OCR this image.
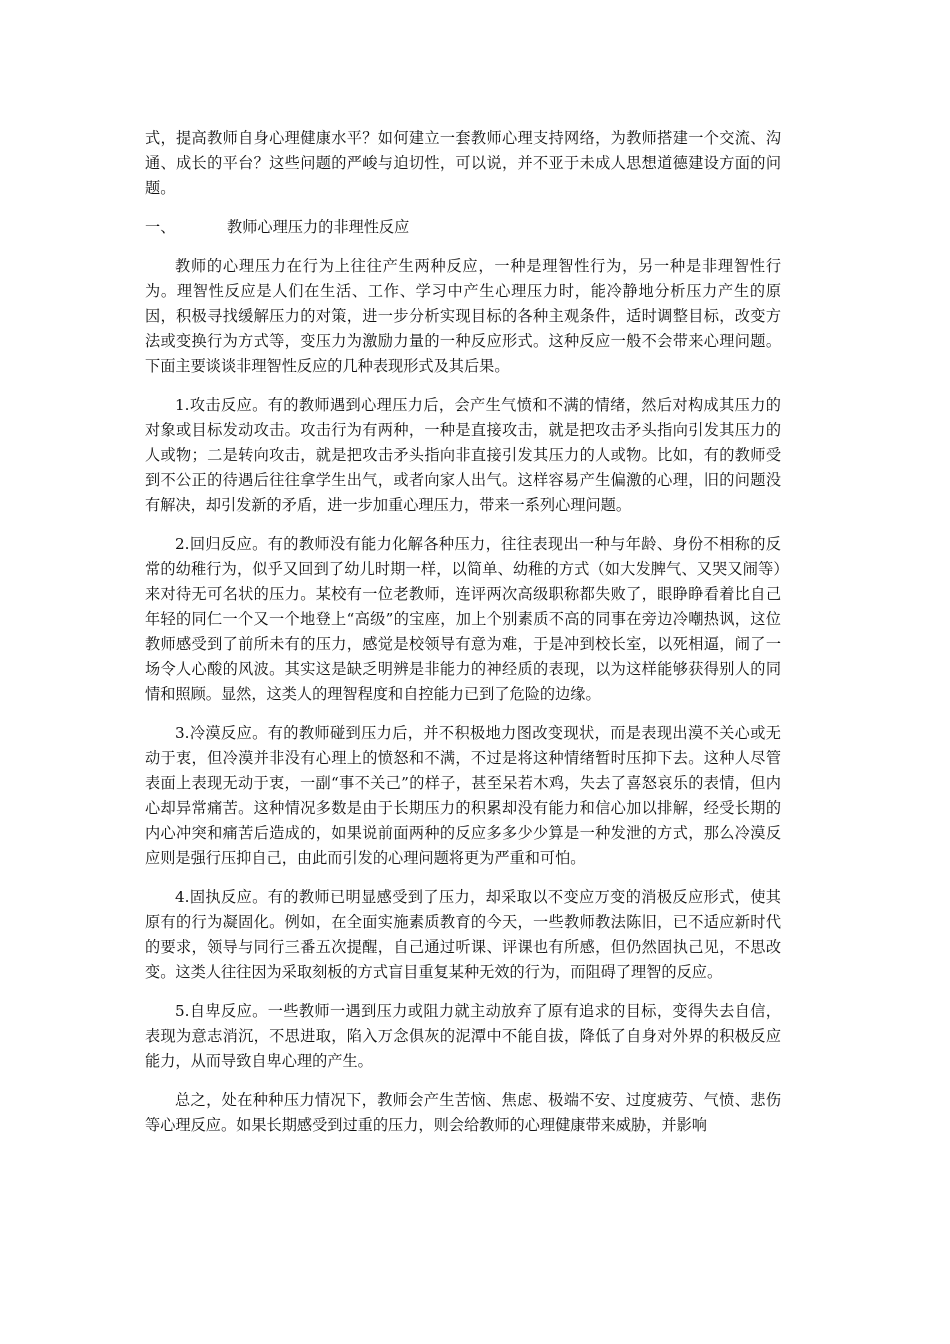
式，提高教师自身心理健康水平？如何建立一套教师心理支持网络，为教师搭建一个交流、沟通、成长的平台？这些问题的严峻与迫切性，可以说，并不亚于未成人思想道德建设方面的问题。

一、	教师心理压力的非理性反应

教师的心理压力在行为上往往产生两种反应，一种是理智性行为，另一种是非理智性行为。理智性反应是人们在生活、工作、学习中产生心理压力时，能冷静地分析压力产生的原因，积极寻找缓解压力的对策，进一步分析实现目标的各种主观条件，适时调整目标，改变方法或变换行为方式等，变压力为激励力量的一种反应形式。这种反应一般不会带来心理问题。下面主要谈谈非理智性反应的几种表现形式及其后果。

1.攻击反应。有的教师遇到心理压力后，会产生气愤和不满的情绪，然后对构成其压力的对象或目标发动攻击。攻击行为有两种，一种是直接攻击，就是把攻击矛头指向引发其压力的人或物；二是转向攻击，就是把攻击矛头指向非直接引发其压力的人或物。比如，有的教师受到不公正的待遇后往往拿学生出气，或者向家人出气。这样容易产生偏激的心理，旧的问题没有解决，却引发新的矛盾，进一步加重心理压力，带来一系列心理问题。

2.回归反应。有的教师没有能力化解各种压力，往往表现出一种与年龄、身份不相称的反常的幼稚行为，似乎又回到了幼儿时期一样，以简单、幼稚的方式（如大发脾气、又哭又闹等）来对待无可名状的压力。某校有一位老教师，连评两次高级职称都失败了，眼睁睁看着比自己年轻的同仁一个又一个地登上“高级”的宝座，加上个别素质不高的同事在旁边冷嘲热讽，这位教师感受到了前所未有的压力，感觉是校领导有意为难，于是冲到校长室，以死相逼，闹了一场令人心酸的风波。其实这是缺乏明辨是非能力的神经质的表现，以为这样能够获得别人的同情和照顾。显然，这类人的理智程度和自控能力已到了危险的边缘。

3.冷漠反应。有的教师碰到压力后，并不积极地力图改变现状，而是表现出漠不关心或无动于衷，但冷漠并非没有心理上的愤怒和不满，不过是将这种情绪暂时压抑下去。这种人尽管表面上表现无动于衷，一副“事不关己”的样子，甚至呆若木鸡，失去了喜怒哀乐的表情，但内心却异常痛苦。这种情况多数是由于长期压力的积累却没有能力和信心加以排解，经受长期的内心冲突和痛苦后造成的，如果说前面两种的反应多多少少算是一种发泄的方式，那么冷漠反应则是强行压抑自己，由此而引发的心理问题将更为严重和可怕。

4.固执反应。有的教师已明显感受到了压力，却采取以不变应万变的消极反应形式，使其原有的行为凝固化。例如，在全面实施素质教育的今天，一些教师教法陈旧，已不适应新时代的要求，领导与同行三番五次提醒，自己通过听课、评课也有所感，但仍然固执己见，不思改变。这类人往往因为采取刻板的方式盲目重复某种无效的行为，而阻碍了理智的反应。

5.自卑反应。一些教师一遇到压力或阻力就主动放弃了原有追求的目标，变得失去自信，表现为意志消沉，不思进取，陷入万念俱灰的泥潭中不能自拔，降低了自身对外界的积极反应能力，从而导致自卑心理的产生。

总之，处在种种压力情况下，教师会产生苦恼、焦虑、极端不安、过度疲劳、气愤、悲伤等心理反应。如果长期感受到过重的压力，则会给教师的心理健康带来威胁，并影响
